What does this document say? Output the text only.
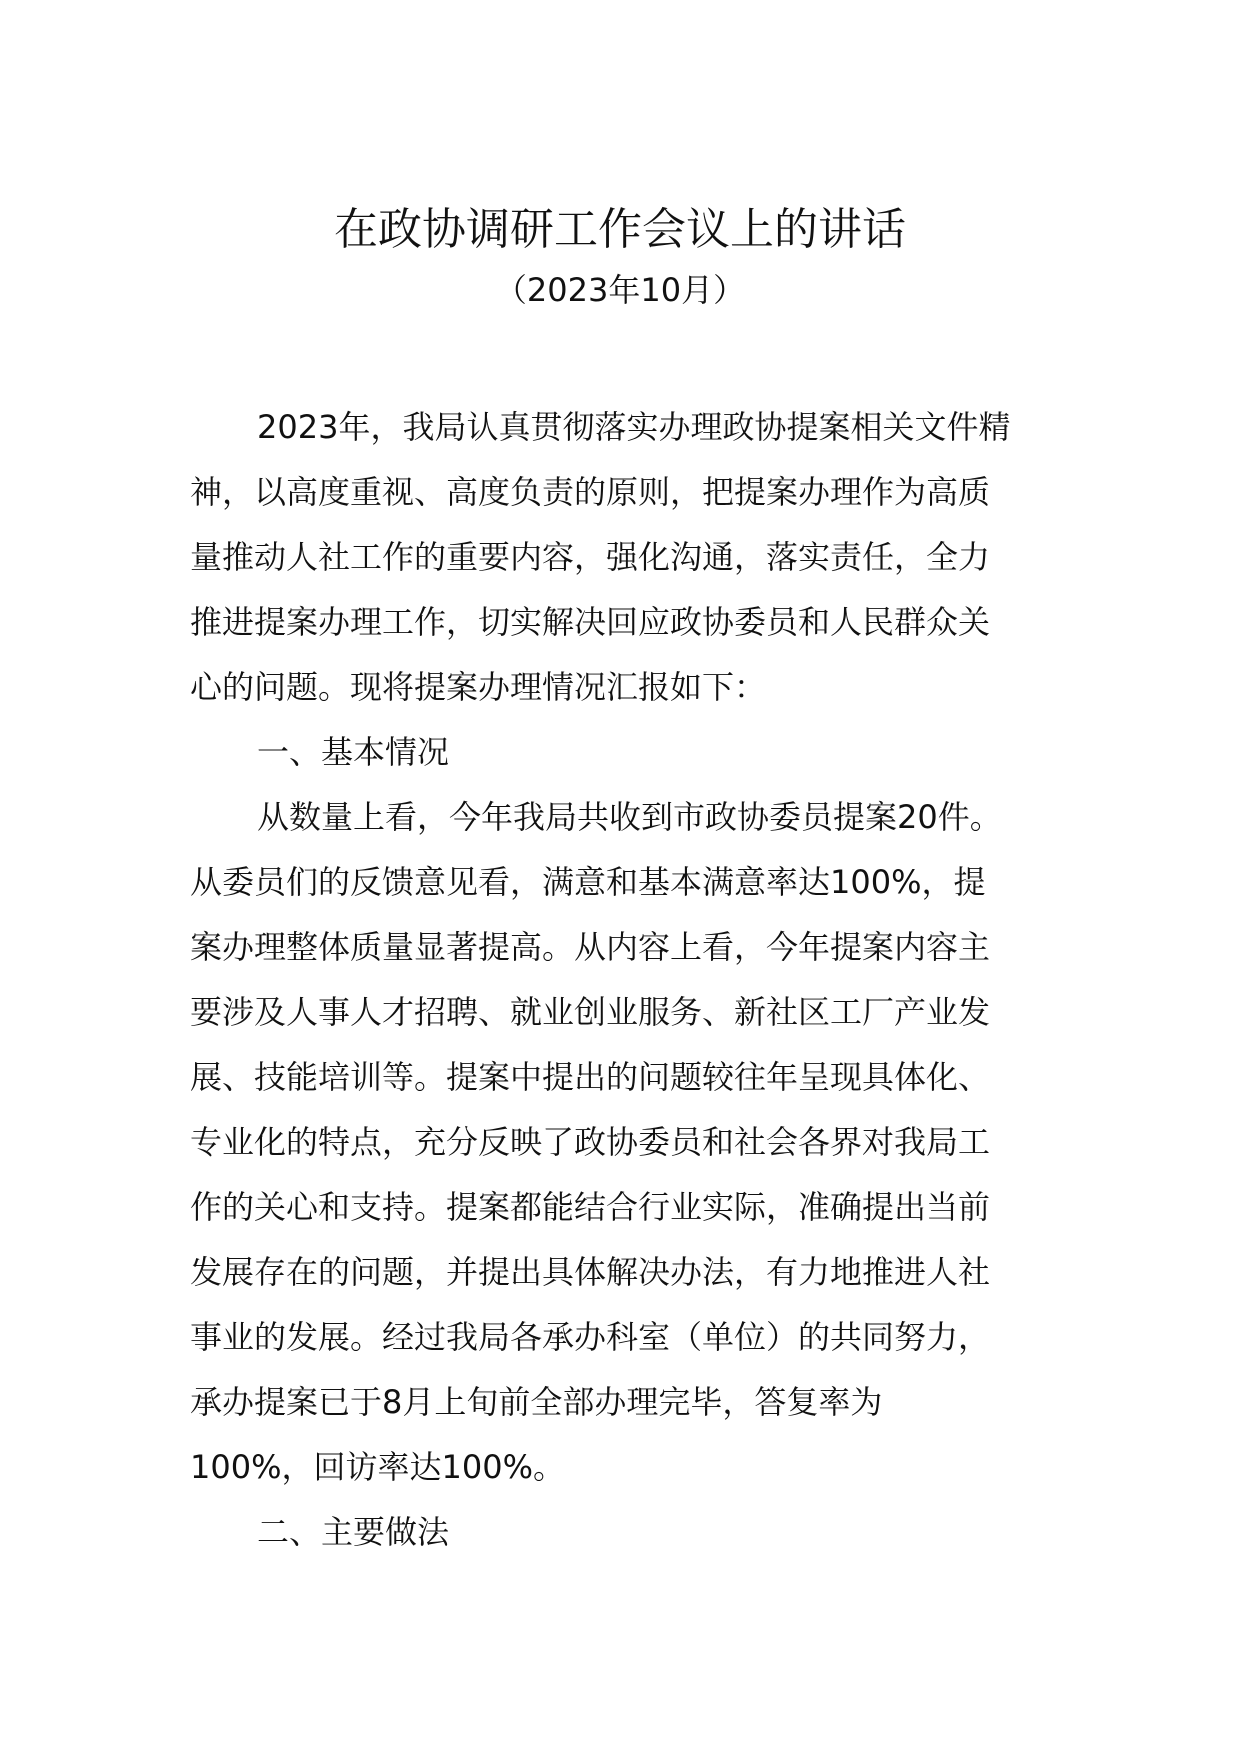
在政协调研工作会议上的讲话

（2023年10月）

2023年，我局认真贯彻落实办理政协提案相关文件精

神，以高度重视、高度负责的原则，把提案办理作为高质

量推动人社工作的重要内容，强化沟通，落实责任，全力

推进提案办理工作，切实解决回应政协委员和人民群众关

心的问题。现将提案办理情况汇报如下：

一、基本情况

从数量上看，今年我局共收到市政协委员提案20件。

从委员们的反馈意见看，满意和基本满意率达100%，提

案办理整体质量显著提高。从内容上看，今年提案内容主

要涉及人事人才招聘、就业创业服务、新社区工厂产业发

展、技能培训等。提案中提出的问题较往年呈现具体化、

专业化的特点，充分反映了政协委员和社会各界对我局工

作的关心和支持。提案都能结合行业实际，准确提出当前

发展存在的问题，并提出具体解决办法，有力地推进人社

事业的发展。经过我局各承办科室（单位）的共同努力，

承办提案已于8月上旬前全部办理完毕，答复率为

100%，回访率达100%。

二、主要做法
